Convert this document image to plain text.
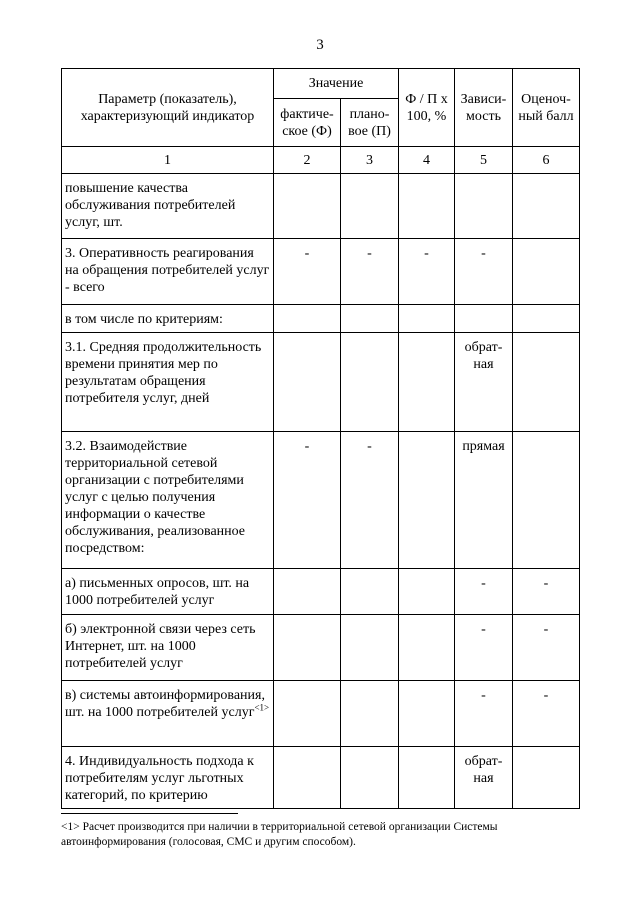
3
Параметр (показатель), характеризующий индикатор	Значение		Ф / П x 100, %	Зависи-мость	Оценоч-ный балл
	фактиче-ское (Ф)	плано-вое (П)			
1	2	3	4	5	6
повышение качества обслуживания потребителей услуг, шт.					
3. Оперативность реагирования на обращения потребителей услуг - всего	-	-	-	-	
в том числе по критериям:					
3.1. Средняя продолжительность времени принятия мер по результатам обращения потребителя услуг, дней				обрат-ная	
3.2. Взаимодействие территориальной сетевой организации с потребителями услуг с целью получения информации о качестве обслуживания, реализованное посредством:	-	-		прямая	
а) письменных опросов, шт. на 1000 потребителей услуг				-	-
б) электронной связи через сеть Интернет, шт. на 1000 потребителей услуг				-	-
в) системы автоинформирования, шт. на 1000 потребителей услуг$^{<1>}$				-	-
4. Индивидуальность подхода к потребителям услуг льготных категорий, по критерию				обрат-ная	
<1> Расчет производится при наличии в территориальной сетевой организации Системы автоинформирования (голосовая, СМС и другим способом).
